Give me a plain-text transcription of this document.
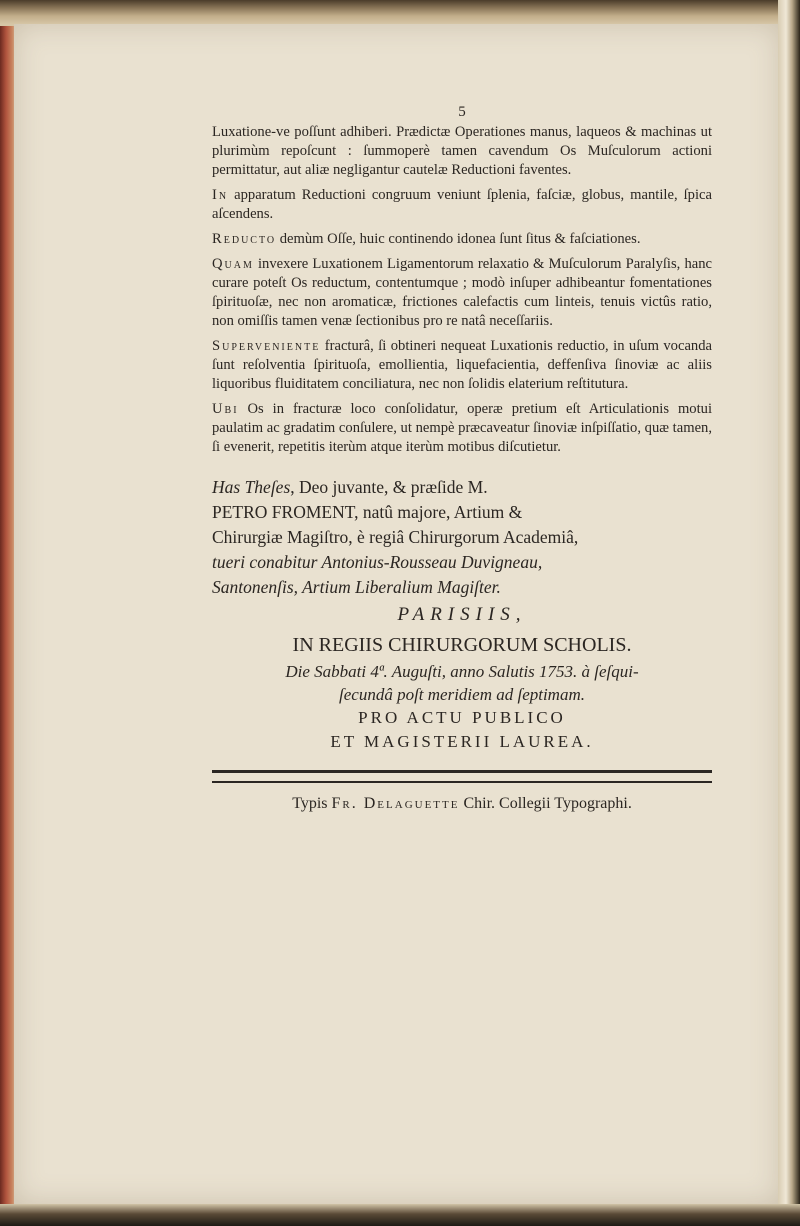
5

Luxatione-ve poſſunt adhiberi. Prædictæ Operationes manus, laqueos & machinas ut plurimùm repoſcunt : ſummoperè tamen cavendum Os Muſculorum actioni permittatur, aut aliæ negligantur cautelæ Reductioni faventes.

In apparatum Reductioni congruum veniunt ſplenia, faſciæ, globus, mantile, ſpica aſcendens.

Reducto demùm Oſſe, huic continendo idonea ſunt ſitus & faſciationes.

Quam invexere Luxationem Ligamentorum relaxatio & Muſculorum Paralyſis, hanc curare poteſt Os reductum, contentumque ; modò inſuper adhibeantur fomentationes ſpirituoſæ, nec non aromaticæ, frictiones calefactis cum linteis, tenuis victûs ratio, non omiſſis tamen venæ ſectionibus pro re natâ neceſſariis.

Superveniente fracturâ, ſi obtineri nequeat Luxationis reductio, in uſum vocanda ſunt reſolventia ſpirituoſa, emollientia, liquefacientia, deffenſiva ſinoviæ ac aliis liquoribus fluiditatem conciliatura, nec non ſolidis elaterium reſtitutura.

Ubi Os in fracturæ loco conſolidatur, operæ pretium eſt Articulationis motui paulatim ac gradatim conſulere, ut nempè præcaveatur ſinoviæ inſpiſſatio, quæ tamen, ſi evenerit, repetitis iterùm atque iterùm motibus diſcutietur.

Has Theſes, Deo juvante, & præſide M.
PETRO FROMENT, natû majore, Artium &
Chirurgiæ Magiſtro, è regiâ Chirurgorum Academiâ,
tueri conabitur Antonius-Rousseau Duvigneau,
Santonenſis, Artium Liberalium Magiſter.
PARISIIS,
IN REGIIS CHIRURGORUM SCHOLIS.
Die Sabbati 4ª. Auguſti, anno Salutis 1753. à ſeſqui-
ſecundâ poſt meridiem ad ſeptimam.
PRO ACTU PUBLICO
ET MAGISTERII LAUREA.
Typis Fr. Delaguette Chir. Collegii Typographi.
